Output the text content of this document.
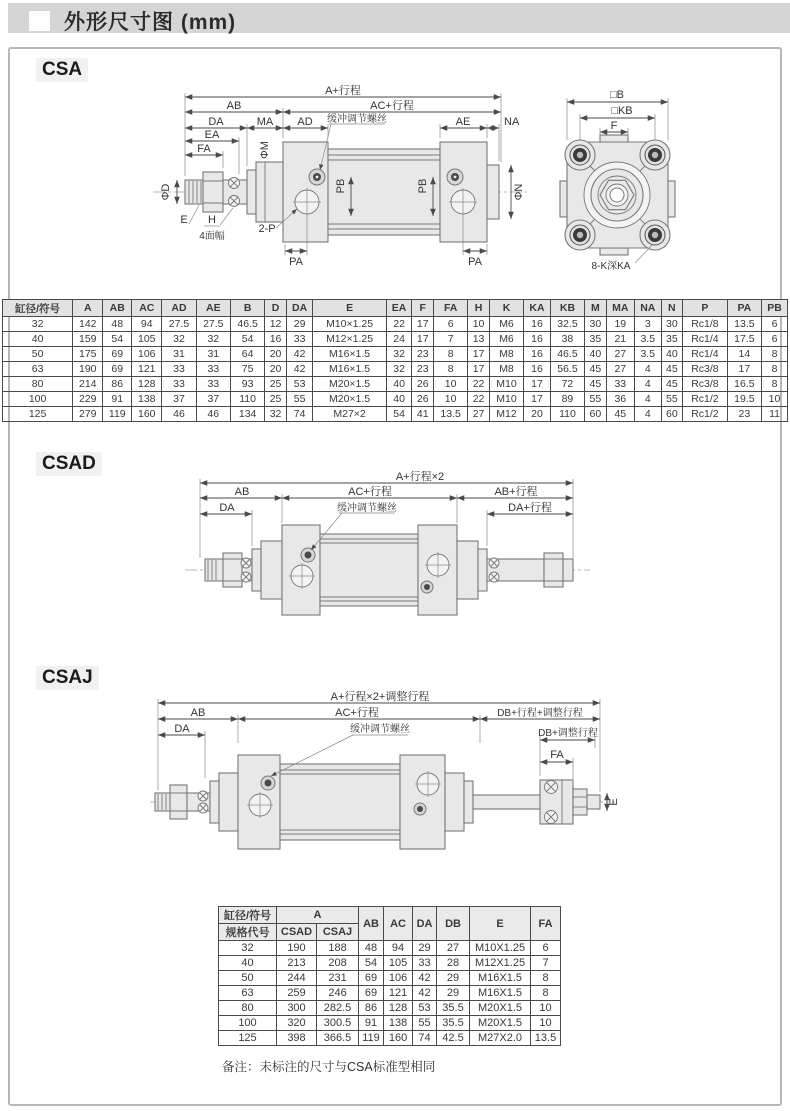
外形尺寸图 (mm)
CSA
CSAD
CSAJ
A+行程
AB	AC+行程
缓冲调节螺丝
DA	MA AD	AE	NA
EA
FA
ΦD
ΦM
PB	PB	ΦN
E H
4面幅
2-P
PA	PA
□B
□KB
F
8-K深KA
A+行程×2
AB	AC+行程	AB+行程
DA	DA+行程
缓冲调节螺丝
A+行程×2+调整行程
AB	AC+行程	DB+行程+调整行程
DA	缓冲调节螺丝	DB+调整行程
FA
E
缸径/符号	A	AB	AC	AD	AE	B	D	DA	E	EA	F	FA	H	K	KA	KB	M	MA	NA	N	P	PA	PB
32	142	48	94	27.5	27.5	46.5	12	29	M10×1.25	22	17	6	10	M6	16	32.5	30	19	3	30	Rc1/8	13.5	6
40	159	54	105	32	32	54	16	33	M12×1.25	24	17	7	13	M6	16	38	35	21	3.5	35	Rc1/4	17.5	6
50	175	69	106	31	31	64	20	42	M16×1.5	32	23	8	17	M8	16	46.5	40	27	3.5	40	Rc1/4	14	8
63	190	69	121	33	33	75	20	42	M16×1.5	32	23	8	17	M8	16	56.5	45	27	4	45	Rc3/8	17	8
80	214	86	128	33	33	93	25	53	M20×1.5	40	26	10	22	M10	17	72	45	33	4	45	Rc3/8	16.5	8
100	229	91	138	37	37	110	25	55	M20×1.5	40	26	10	22	M10	17	89	55	36	4	55	Rc1/2	19.5	10
125	279	119	160	46	46	134	32	74	M27×2	54	41	13.5	27	M12	20	110	60	45	4	60	Rc1/2	23	11
缸径/符号	A		AB	AC	DA	DB	E	FA
规格代号	CSAD	CSAJ						
32	190	188	48	94	29	27	M10X1.25	6
40	213	208	54	105	33	28	M12X1.25	7
50	244	231	69	106	42	29	M16X1.5	8
63	259	246	69	121	42	29	M16X1.5	8
80	300	282.5	86	128	53	35.5	M20X1.5	10
100	320	300.5	91	138	55	35.5	M20X1.5	10
125	398	366.5	119	160	74	42.5	M27X2.0	13.5
备注：未标注的尺寸与CSA标准型相同
